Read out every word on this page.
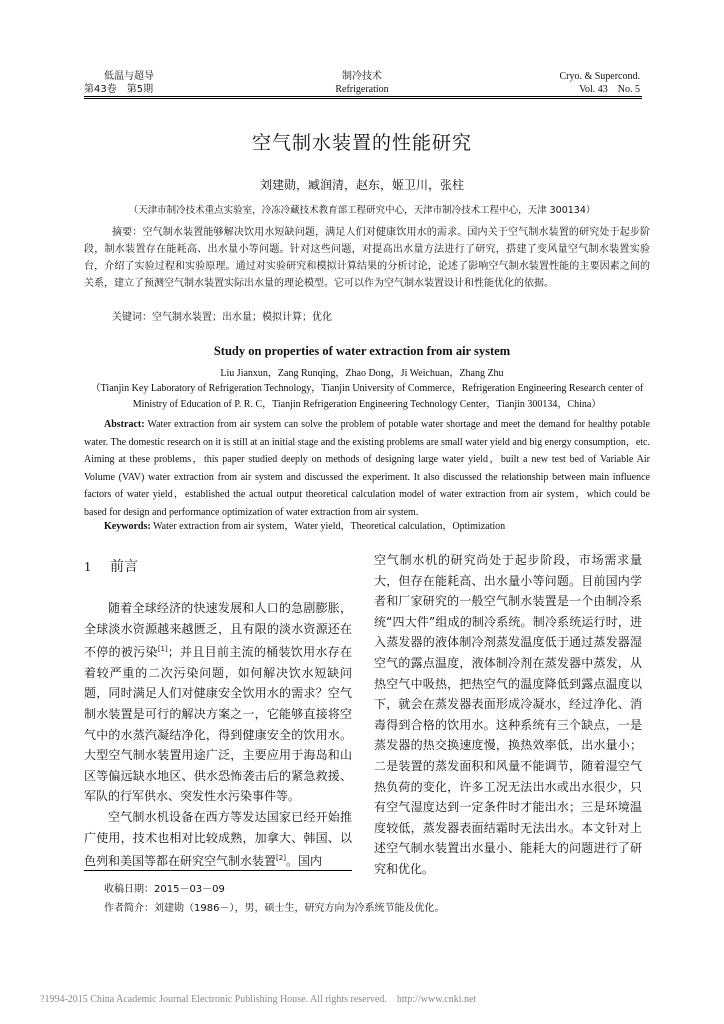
低温与超导
第43卷　第5期
制冷技术
Refrigeration
Cryo. & Supercond.
Vol. 43　No. 5
空气制水装置的性能研究
刘建勋，臧润清，赵东，姬卫川，张柱
（天津市制冷技术重点实验室，冷冻冷藏技术教育部工程研究中心，天津市制冷技术工程中心，天津 300134）
摘要：空气制水装置能够解决饮用水短缺问题，满足人们对健康饮用水的需求。国内关于空气制水装置的研究处于起步阶段，制水装置存在能耗高、出水量小等问题。针对这些问题，对提高出水量方法进行了研究，搭建了变风量空气制水装置实验台，介绍了实验过程和实验原理。通过对实验研究和模拟计算结果的分析讨论，论述了影响空气制水装置性能的主要因素之间的关系，建立了预测空气制水装置实际出水量的理论模型。它可以作为空气制水装置设计和性能优化的依据。
关键词：空气制水装置；出水量；模拟计算；优化
Study on properties of water extraction from air system
Liu Jianxun，Zang Runqing，Zhao Dong，Ji Weichuan，Zhang Zhu
（Tianjin Key Laboratory of Refrigeration Technology，Tianjin University of Commerce，Refrigeration Engineering Research center of Ministry of Education of P. R. C，Tianjin Refrigeration Engineering Technology Center，Tianjin 300134，China）
Abstract: Water extraction from air system can solve the problem of potable water shortage and meet the demand for healthy potable water. The domestic research on it is still at an initial stage and the existing problems are small water yield and big energy consumption，etc. Aiming at these problems，this paper studied deeply on methods of designing large water yield，built a new test bed of Variable Air Volume (VAV) water extraction from air system and discussed the experiment. It also discussed the relationship between main influence factors of water yield，established the actual output theoretical calculation model of water extraction from air system，which could be based for design and performance optimization of water extraction from air system.
Keywords: Water extraction from air system，Water yield，Theoretical calculation，Optimization
1 前言

随着全球经济的快速发展和人口的急剧膨胀，全球淡水资源越来越匮乏，且有限的淡水资源还在不停的被污染[1]；并且目前主流的桶装饮用水存在着较严重的二次污染问题，如何解决饮水短缺问题，同时满足人们对健康安全饮用水的需求？空气制水装置是可行的解决方案之一，它能够直接将空气中的水蒸汽凝结净化，得到健康安全的饮用水。大型空气制水装置用途广泛，主要应用于海岛和山区等偏远缺水地区、供水恐怖袭击后的紧急救援、军队的行军供水、突发性水污染事件等。

空气制水机设备在西方等发达国家已经开始推广使用，技术也相对比较成熟，加拿大、韩国、以色列和美国等都在研究空气制水装置[2]。国内

空气制水机的研究尚处于起步阶段，市场需求量大，但存在能耗高、出水量小等问题。目前国内学者和厂家研究的一般空气制水装置是一个由制冷系统“四大件”组成的制冷系统。制冷系统运行时，进入蒸发器的液体制冷剂蒸发温度低于通过蒸发器湿空气的露点温度，液体制冷剂在蒸发器中蒸发，从热空气中吸热，把热空气的温度降低到露点温度以下，就会在蒸发器表面形成冷凝水，经过净化、消毒得到合格的饮用水。这种系统有三个缺点，一是蒸发器的热交换速度慢，换热效率低，出水量小；二是装置的蒸发面积和风量不能调节，随着湿空气热负荷的变化，许多工况无法出水或出水很少，只有空气湿度达到一定条件时才能出水；三是环境温度较低，蒸发器表面结霜时无法出水。本文针对上述空气制水装置出水量小、能耗大的问题进行了研究和优化。

收稿日期：2015－03－09
作者简介：刘建勋（1986－），男，硕士生，研究方向为冷系统节能及优化。
?1994-2015 China Academic Journal Electronic Publishing House. All rights reserved.　http://www.cnki.net
